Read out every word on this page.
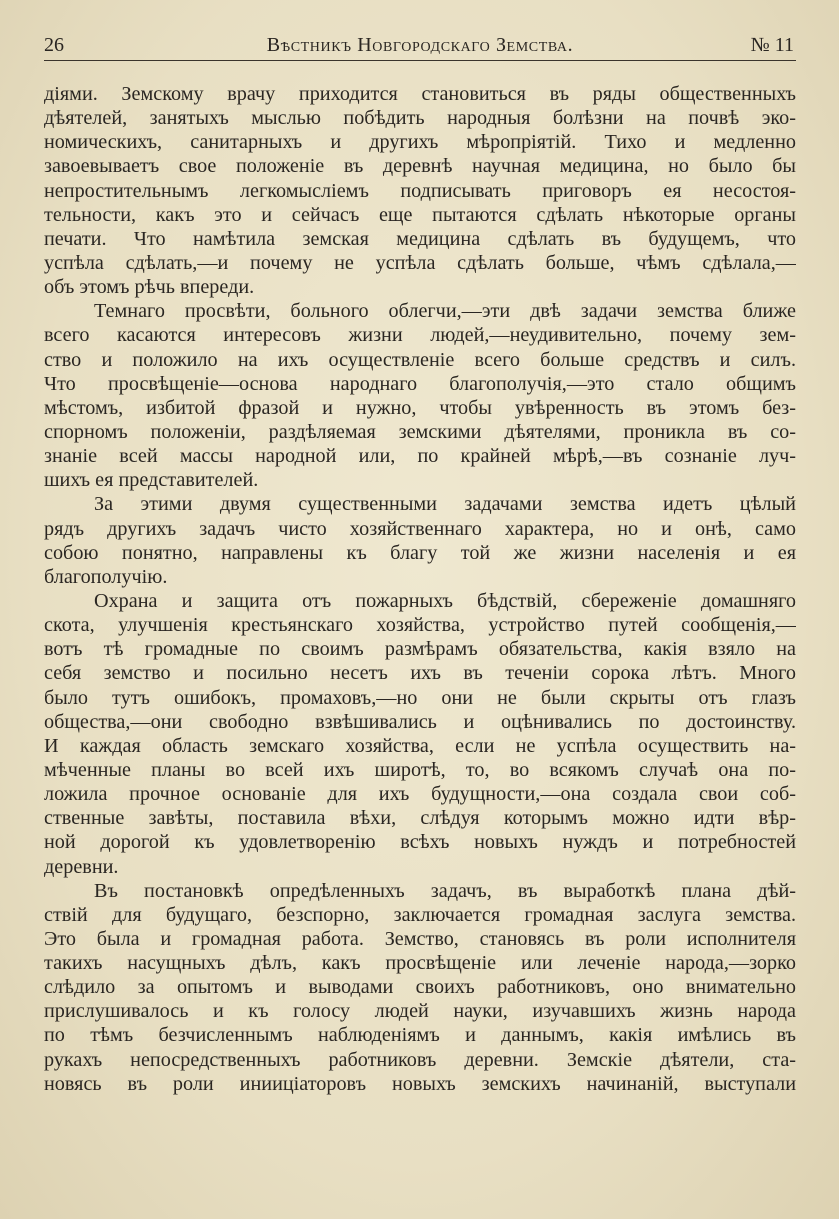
26	Вѣстникъ Новгородскаго Земства.	№ 11
діями. Земскому врачу приходится становиться въ ряды общественныхъ
дѣятелей, занятыхъ мыслью побѣдить народныя болѣзни на почвѣ эко-
номическихъ, санитарныхъ и другихъ мѣропріятій. Тихо и медленно
завоевываетъ свое положеніе въ деревнѣ научная медицина, но было бы
непростительнымъ легкомысліемъ подписывать приговоръ ея несостоя-
тельности, какъ это и сейчасъ еще пытаются сдѣлать нѣкоторые органы
печати. Что намѣтила земская медицина сдѣлать въ будущемъ, что
успѣла сдѣлать,—и почему не успѣла сдѣлать больше, чѣмъ сдѣлала,—
объ этомъ рѣчь впереди.
Темнаго просвѣти, больного облегчи,—эти двѣ задачи земства ближе
всего касаются интересовъ жизни людей,—неудивительно, почему зем-
ство и положило на ихъ осуществленіе всего больше средствъ и силъ.
Что просвѣщеніе—основа народнаго благополучія,—это стало общимъ
мѣстомъ, избитой фразой и нужно, чтобы увѣренность въ этомъ без-
спорномъ положеніи, раздѣляемая земскими дѣятелями, проникла въ со-
знаніе всей массы народной или, по крайней мѣрѣ,—въ сознаніе луч-
шихъ ея представителей.
За этими двумя существенными задачами земства идетъ цѣлый
рядъ другихъ задачъ чисто хозяйственнаго характера, но и онѣ, само
собою понятно, направлены къ благу той же жизни населенія и ея
благополучію.
Охрана и защита отъ пожарныхъ бѣдствій, сбереженіе домашняго
скота, улучшенія крестьянскаго хозяйства, устройство путей сообщенія,—
вотъ тѣ громадные по своимъ размѣрамъ обязательства, какія взяло на
себя земство и посильно несетъ ихъ въ теченіи сорока лѣтъ. Много
было тутъ ошибокъ, промаховъ,—но они не были скрыты отъ глазъ
общества,—они свободно взвѣшивались и оцѣнивались по достоинству.
И каждая область земскаго хозяйства, если не успѣла осуществить на-
мѣченные планы во всей ихъ широтѣ, то, во всякомъ случаѣ она по-
ложила прочное основаніе для ихъ будущности,—она создала свои соб-
ственные завѣты, поставила вѣхи, слѣдуя которымъ можно идти вѣр-
ной дорогой къ удовлетворенію всѣхъ новыхъ нуждъ и потребностей
деревни.
Въ постановкѣ опредѣленныхъ задачъ, въ выработкѣ плана дѣй-
ствій для будущаго, безспорно, заключается громадная заслуга земства.
Это была и громадная работа. Земство, становясь въ роли исполнителя
такихъ насущныхъ дѣлъ, какъ просвѣщеніе или леченіе народа,—зорко
слѣдило за опытомъ и выводами своихъ работниковъ, оно внимательно
прислушивалось и къ голосу людей науки, изучавшихъ жизнь народа
по тѣмъ безчисленнымъ наблюденіямъ и даннымъ, какія имѣлись въ
рукахъ непосредственныхъ работниковъ деревни. Земскіе дѣятели, ста-
новясь въ роли инииціаторовъ новыхъ земскихъ начинаній, выступали
